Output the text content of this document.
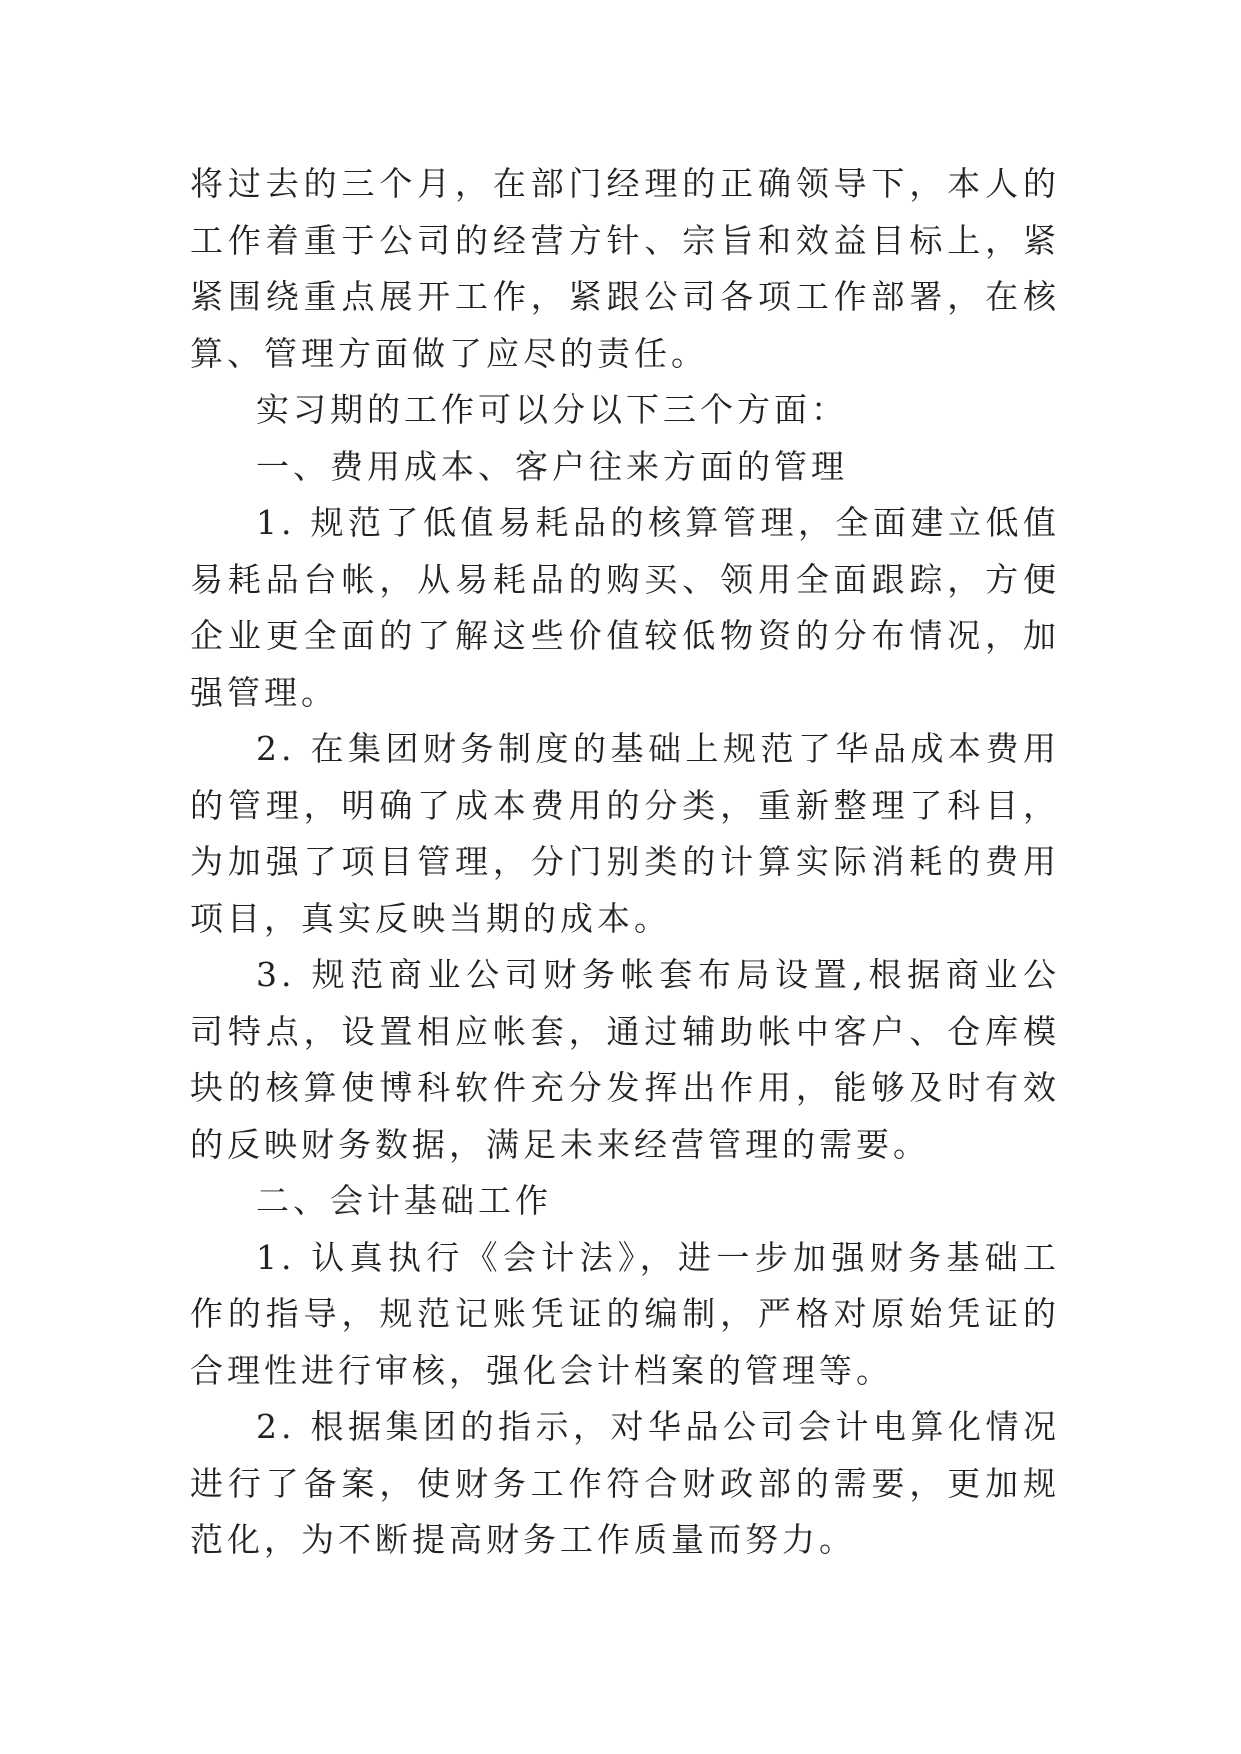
将过去的三个月，在部门经理的正确领导下，本人的工作着重于公司的经营方针、宗旨和效益目标上，紧紧围绕重点展开工作，紧跟公司各项工作部署，在核算、管理方面做了应尽的责任。

实习期的工作可以分以下三个方面：

一、费用成本、客户往来方面的管理

1. 规范了低值易耗品的核算管理，全面建立低值易耗品台帐，从易耗品的购买、领用全面跟踪，方便企业更全面的了解这些价值较低物资的分布情况，加强管理。

2. 在集团财务制度的基础上规范了华品成本费用的管理，明确了成本费用的分类，重新整理了科目，为加强了项目管理，分门别类的计算实际消耗的费用项目，真实反映当期的成本。

3. 规范商业公司财务帐套布局设置,根据商业公司特点，设置相应帐套，通过辅助帐中客户、仓库模块的核算使博科软件充分发挥出作用，能够及时有效的反映财务数据，满足未来经营管理的需要。

二、会计基础工作

1. 认真执行《会计法》，进一步加强财务基础工作的指导，规范记账凭证的编制，严格对原始凭证的合理性进行审核，强化会计档案的管理等。

2. 根据集团的指示，对华品公司会计电算化情况进行了备案，使财务工作符合财政部的需要，更加规范化，为不断提高财务工作质量而努力。
